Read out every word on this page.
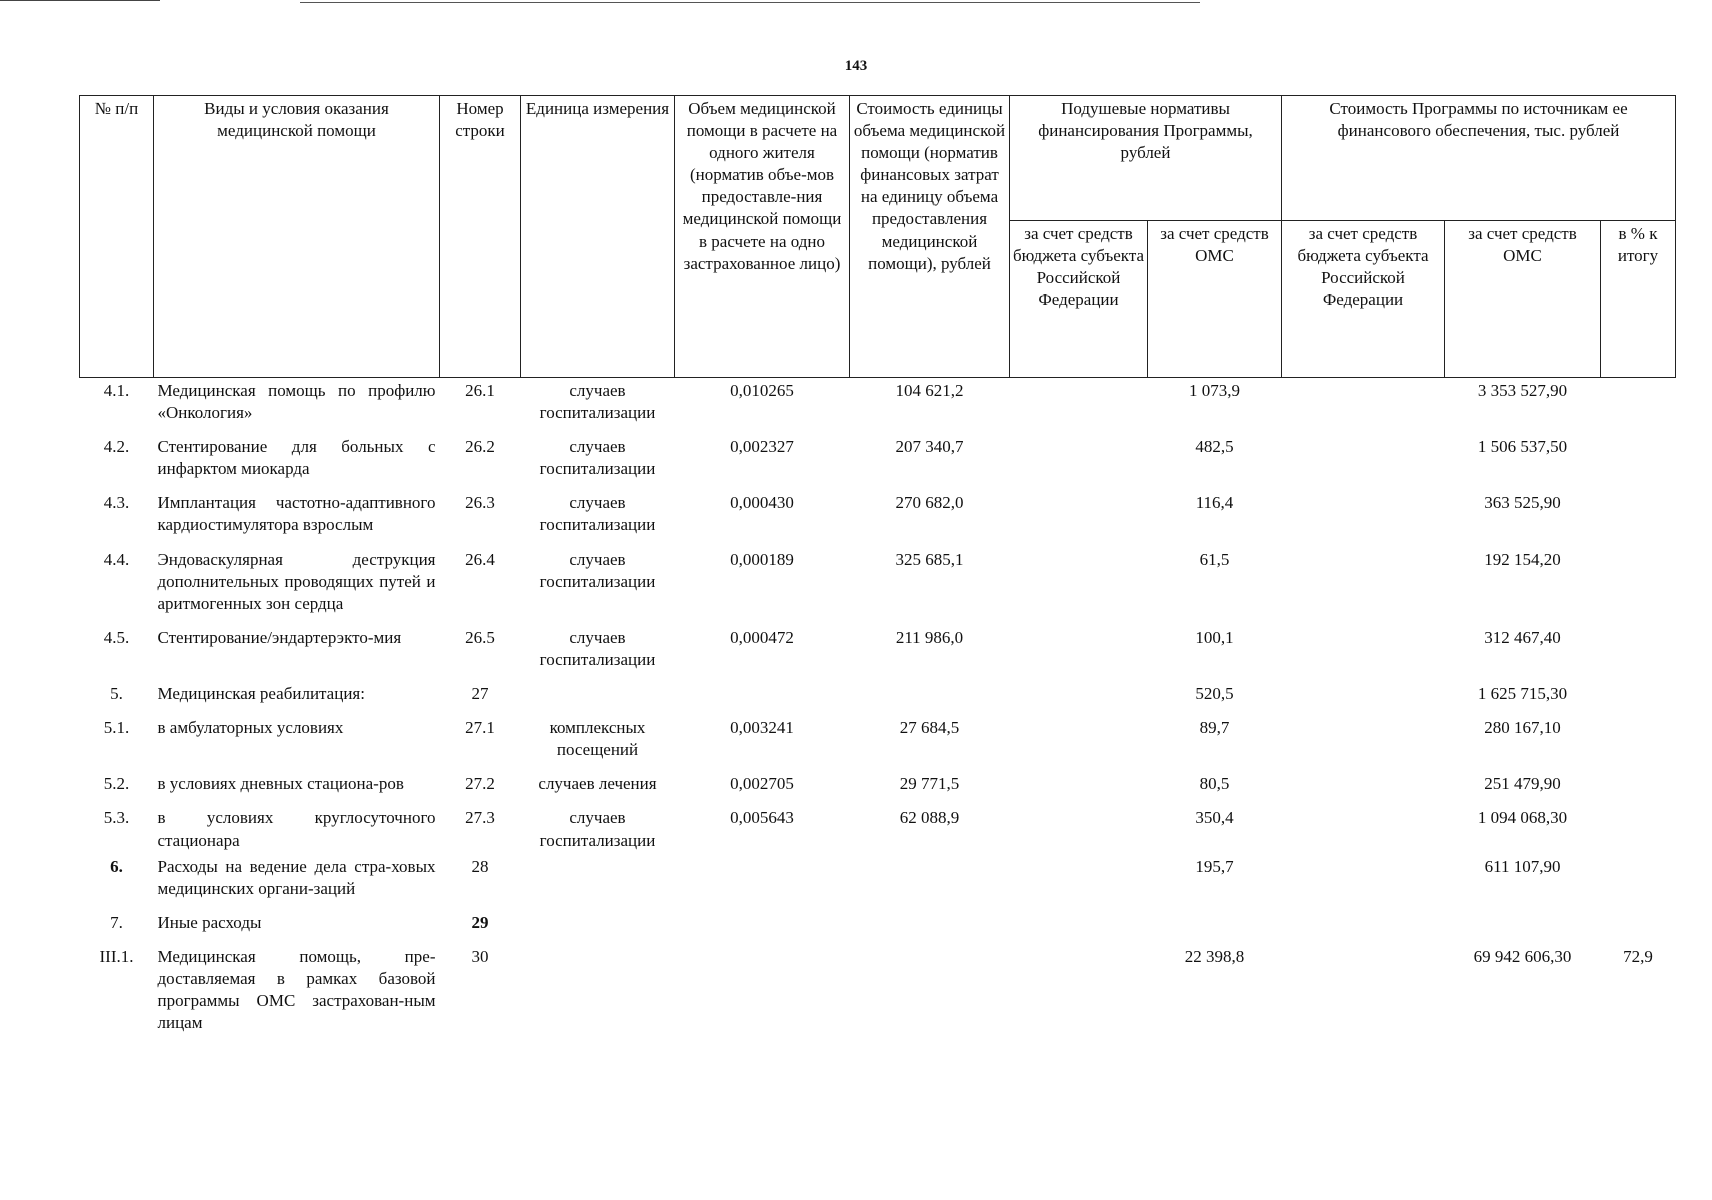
143
№ п/п	Виды и условия оказания медицинской помощи	Номер строки	Единица измерения	Объем медицинской помощи в расчете на одного жителя (норматив объе-мов предоставле-ния медицинской помощи в расчете на одно застрахованное лицо)	Стоимость единицы объема медицинской помощи (норматив финансовых затрат на единицу объема предоставления медицинской помощи), рублей	Подушевые нормативы финансирования Программы, рублей		Стоимость Программы по источникам ее финансового обеспечения, тыс. рублей		
						за счет средств бюджета субъекта Российской Федерации	за счет средств ОМС	за счет средств бюджета субъекта Российской Федерации	за счет средств ОМС	в % к итогу
4.1.	Медицинская помощь по профилю «Онкология»	26.1	случаев госпитализации	0,010265	104 621,2		1 073,9		3 353 527,90	
4.2.	Стентирование для больных с инфарктом миокарда	26.2	случаев госпитализации	0,002327	207 340,7		482,5		1 506 537,50	
4.3.	Имплантация частотно-адаптивного кардиостимулятора взрослым	26.3	случаев госпитализации	0,000430	270 682,0		116,4		363 525,90	
4.4.	Эндоваскулярная деструкция дополнительных проводящих путей и аритмогенных зон сердца	26.4	случаев госпитализации	0,000189	325 685,1		61,5		192 154,20	
4.5.	Стентирование/эндартерэкто-мия	26.5	случаев госпитализации	0,000472	211 986,0		100,1		312 467,40	
5.	Медицинская реабилитация:	27					520,5		1 625 715,30	
5.1.	в амбулаторных условиях	27.1	комплексных посещений	0,003241	27 684,5		89,7		280 167,10	
5.2.	в условиях дневных стациона-ров	27.2	случаев лечения	0,002705	29 771,5		80,5		251 479,90	
5.3.	в условиях круглосуточного стационара	27.3	случаев госпитализации	0,005643	62 088,9		350,4		1 094 068,30	
6.	Расходы на ведение дела стра-ховых медицинских органи-заций	28					195,7		611 107,90	
7.	Иные расходы	29								
III.1.	Медицинская помощь, пре-доставляемая в рамках базовой программы ОМС застрахован-ным лицам	30					22 398,8		69 942 606,30	72,9
